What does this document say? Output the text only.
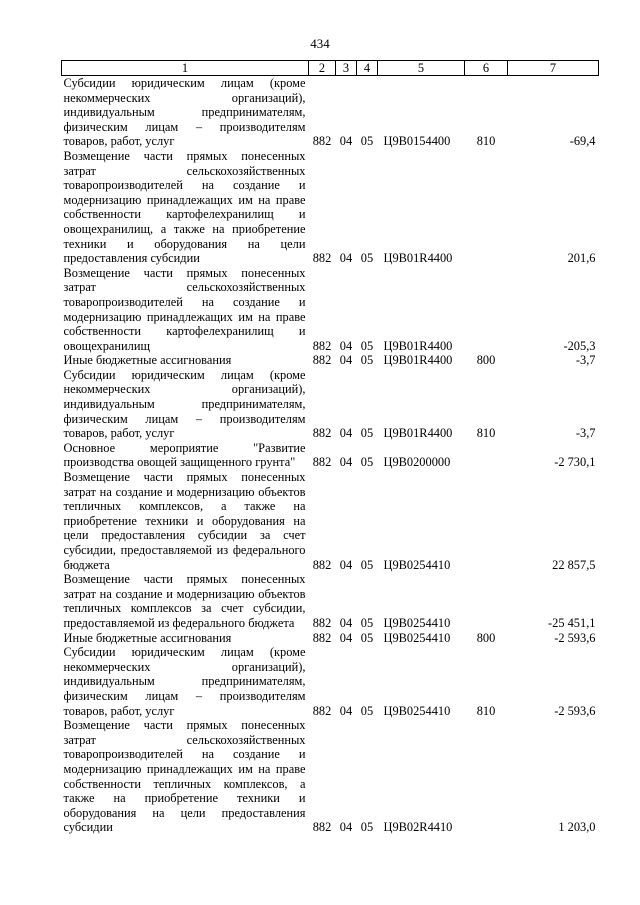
434
1	2	3	4	5	6	7
Субсидии юридическим лицам (кроме некоммерческих организаций), индивидуальным предпринимателям, физическим лицам – производителям товаров, работ, услуг	882	04	05	Ц9В0154400	810	-69,4
Возмещение части прямых понесенных затрат сельскохозяйственных товаропроизводителей на создание и модернизацию принадлежащих им на праве собственности картофелехранилищ и овощехранилищ, а также на приобретение техники и оборудования на цели предоставления субсидии	882	04	05	Ц9В01R4400		201,6
Возмещение части прямых понесенных затрат сельскохозяйственных товаропроизводителей на создание и модернизацию принадлежащих им на праве собственности картофелехранилищ и овощехранилищ	882	04	05	Ц9В01R4400		-205,3
Иные бюджетные ассигнования	882	04	05	Ц9В01R4400	800	-3,7
Субсидии юридическим лицам (кроме некоммерческих организаций), индивидуальным предпринимателям, физическим лицам – производителям товаров, работ, услуг	882	04	05	Ц9В01R4400	810	-3,7
Основное мероприятие "Развитие производства овощей защищенного грунта"	882	04	05	Ц9В0200000		-2 730,1
Возмещение части прямых понесенных затрат на создание и модернизацию объектов тепличных комплексов, а также на приобретение техники и оборудования на цели предоставления субсидии за счет субсидии, предоставляемой из федерального бюджета	882	04	05	Ц9В0254410		22 857,5
Возмещение части прямых понесенных затрат на создание и модернизацию объектов тепличных комплексов за счет субсидии, предоставляемой из федерального бюджета	882	04	05	Ц9В0254410		-25 451,1
Иные бюджетные ассигнования	882	04	05	Ц9В0254410	800	-2 593,6
Субсидии юридическим лицам (кроме некоммерческих организаций), индивидуальным предпринимателям, физическим лицам – производителям товаров, работ, услуг	882	04	05	Ц9В0254410	810	-2 593,6
Возмещение части прямых понесенных затрат сельскохозяйственных товаропроизводителей на создание и модернизацию принадлежащих им на праве собственности тепличных комплексов, а также на приобретение техники и оборудования на цели предоставления субсидии	882	04	05	Ц9В02R4410		1 203,0
